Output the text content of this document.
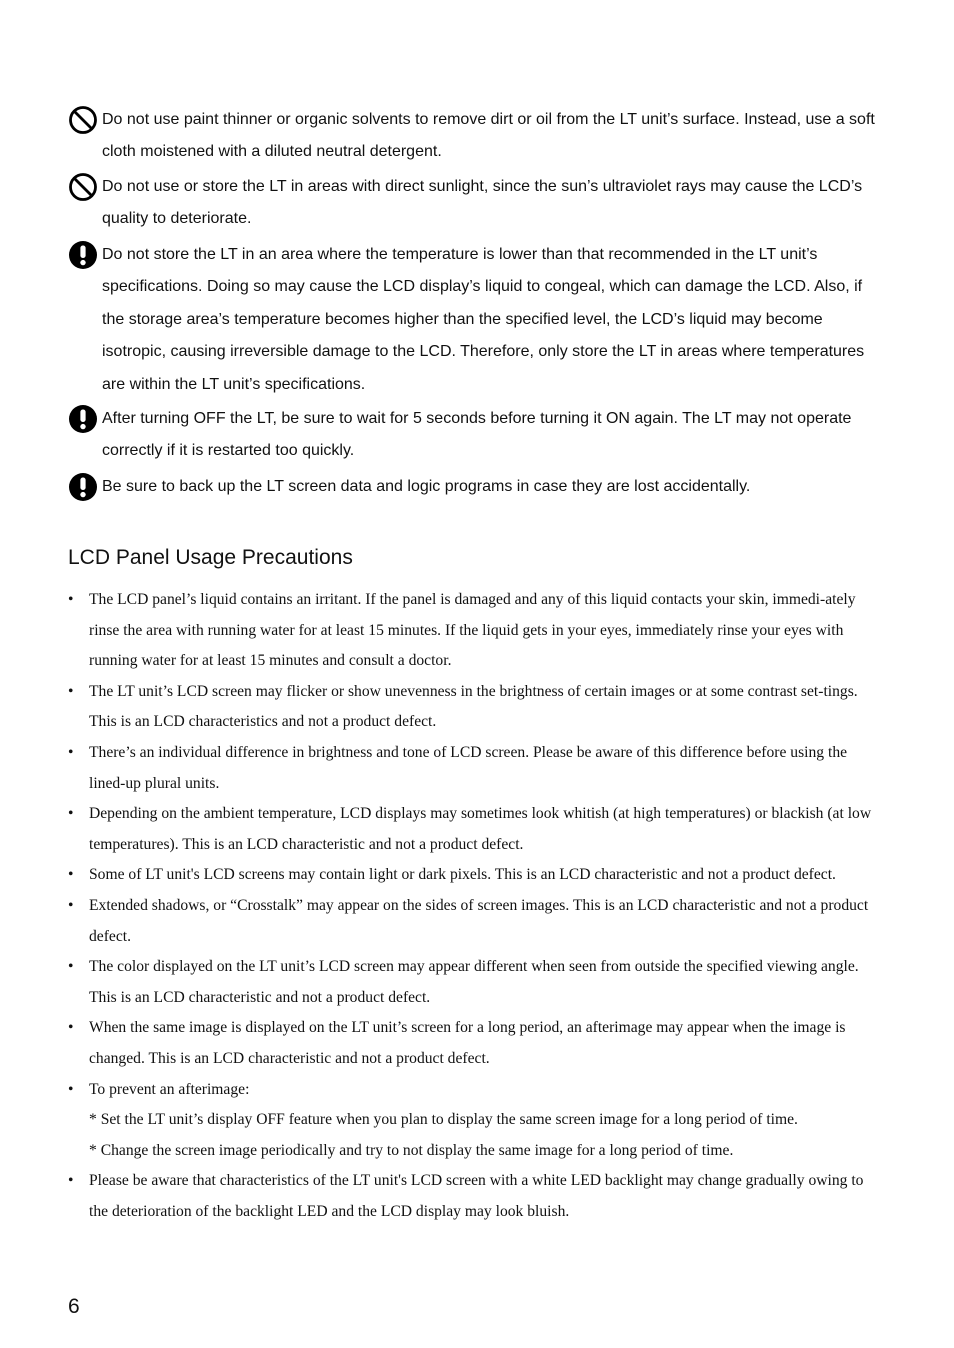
Do not use paint thinner or organic solvents to remove dirt or oil from the LT unit’s surface. Instead, use a soft cloth moistened with a diluted neutral detergent.
Do not use or store the LT in areas with direct sunlight, since the sun’s ultraviolet rays may cause the LCD’s quality to deteriorate.
Do not store the LT in an area where the temperature is lower than that recommended in the LT unit’s specifications. Doing so may cause the LCD display’s liquid to congeal, which can damage the LCD. Also, if the storage area’s temperature becomes higher than the specified level, the LCD’s liquid may become isotropic, causing irreversible damage to the LCD. Therefore, only store the LT in areas where temperatures are within the LT unit’s specifications.
After turning OFF the LT, be sure to wait for 5 seconds before turning it ON again. The LT may not operate correctly if it is restarted too quickly.
Be sure to back up the LT screen data and logic programs in case they are lost accidentally.
LCD Panel Usage Precautions
• The LCD panel’s liquid contains an irritant. If the panel is damaged and any of this liquid contacts your skin, immedi-ately rinse the area with running water for at least 15 minutes. If the liquid gets in your eyes, immediately rinse your eyes with running water for at least 15 minutes and consult a doctor.
• The LT unit’s LCD screen may flicker or show unevenness in the brightness of certain images or at some contrast set-tings. This is an LCD characteristics and not a product defect.
• There’s an individual difference in brightness and tone of LCD screen. Please be aware of this difference before using the lined-up plural units.
• Depending on the ambient temperature, LCD displays may sometimes look whitish (at high temperatures) or blackish (at low temperatures). This is an LCD characteristic and not a product defect.
• Some of LT unit's LCD screens may contain light or dark pixels. This is an LCD characteristic and not a product defect.
• Extended shadows, or “Crosstalk” may appear on the sides of screen images. This is an LCD characteristic and not a product defect.
• The color displayed on the LT unit’s LCD screen may appear different when seen from outside the specified viewing angle. This is an LCD characteristic and not a product defect.
• When the same image is displayed on the LT unit’s screen for a long period, an afterimage may appear when the image is changed. This is an LCD characteristic and not a product defect.
• To prevent an afterimage:
* Set the LT unit’s display OFF feature when you plan to display the same screen image for a long period of time.
* Change the screen image periodically and try to not display the same image for a long period of time.
• Please be aware that characteristics of the LT unit's LCD screen with a white LED backlight may change gradually owing to the deterioration of the backlight LED and the LCD display may look bluish.
6
